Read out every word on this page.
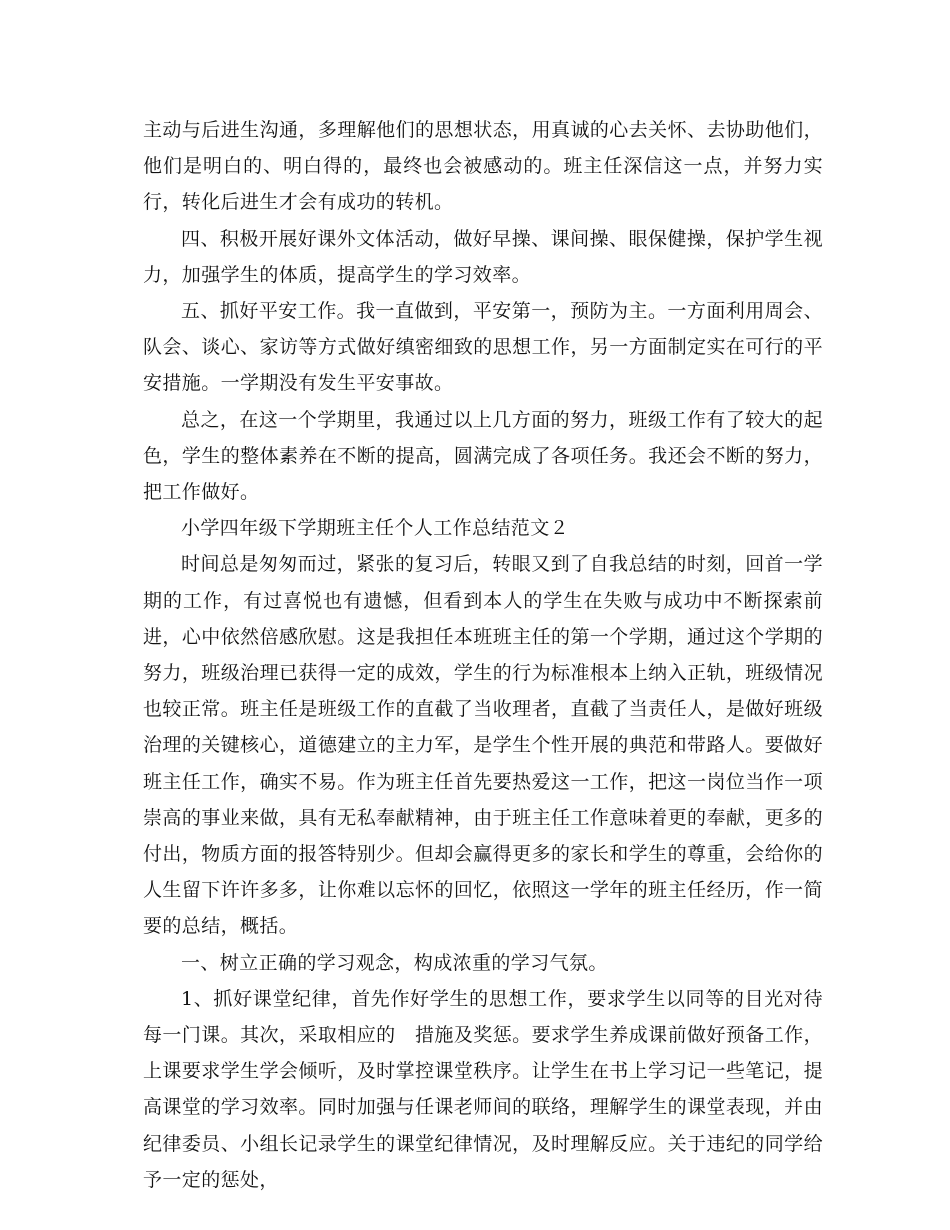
主动与后进生沟通，多理解他们的思想状态，用真诚的心去关怀、去协助他们，他们是明白的、明白得的，最终也会被感动的。班主任深信这一点，并努力实行，转化后进生才会有成功的转机。

四、积极开展好课外文体活动，做好早操、课间操、眼保健操，保护学生视力，加强学生的体质，提高学生的学习效率。

五、抓好平安工作。我一直做到，平安第一，预防为主。一方面利用周会、队会、谈心、家访等方式做好缜密细致的思想工作，另一方面制定实在可行的平安措施。一学期没有发生平安事故。

总之，在这一个学期里，我通过以上几方面的努力，班级工作有了较大的起色，学生的整体素养在不断的提高，圆满完成了各项任务。我还会不断的努力，把工作做好。

小学四年级下学期班主任个人工作总结范文２

时间总是匆匆而过，紧张的复习后，转眼又到了自我总结的时刻，回首一学期的工作，有过喜悦也有遗憾，但看到本人的学生在失败与成功中不断探索前进，心中依然倍感欣慰。这是我担任本班班主任的第一个学期，通过这个学期的努力，班级治理已获得一定的成效，学生的行为标准根本上纳入正轨，班级情况也较正常。班主任是班级工作的直截了当收理者，直截了当责任人，是做好班级治理的关键核心，道德建立的主力军，是学生个性开展的典范和带路人。要做好班主任工作，确实不易。作为班主任首先要热爱这一工作，把这一岗位当作一项崇高的事业来做，具有无私奉献精神，由于班主任工作意味着更的奉献，更多的付出，物质方面的报答特别少。但却会赢得更多的家长和学生的尊重，会给你的人生留下许许多多，让你难以忘怀的回忆，依照这一学年的班主任经历，作一简要的总结，概括。

一、树立正确的学习观念，构成浓重的学习气氛。

1、抓好课堂纪律，首先作好学生的思想工作，要求学生以同等的目光对待每一门课。其次，采取相应的　措施及奖惩。要求学生养成课前做好预备工作，上课要求学生学会倾听，及时掌控课堂秩序。让学生在书上学习记一些笔记，提高课堂的学习效率。同时加强与任课老师间的联络，理解学生的课堂表现，并由纪律委员、小组长记录学生的课堂纪律情况，及时理解反应。关于违纪的同学给予一定的惩处，
